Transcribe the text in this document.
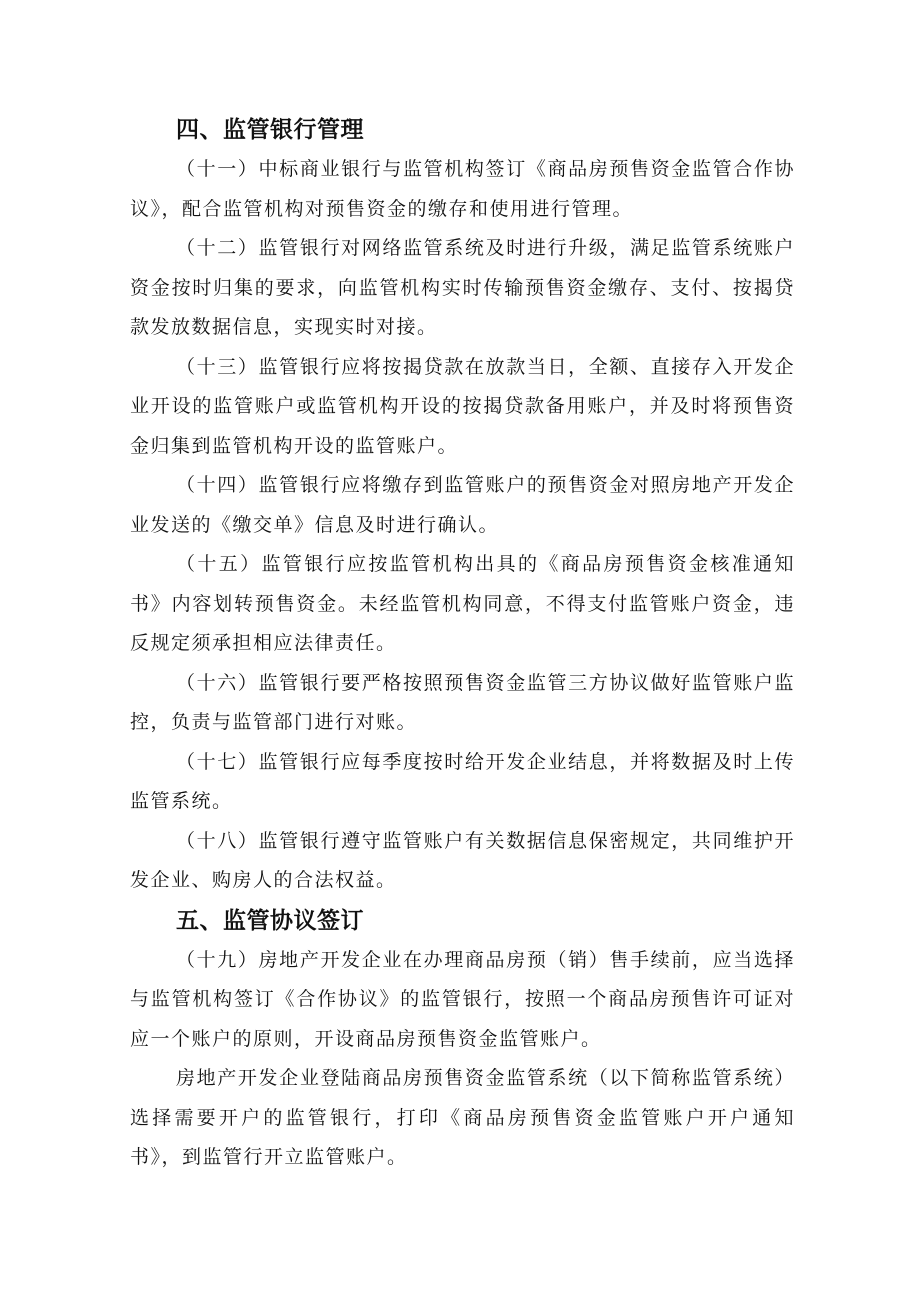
四、监管银行管理

（十一）中标商业银行与监管机构签订《商品房预售资金监管合作协议》，配合监管机构对预售资金的缴存和使用进行管理。

（十二）监管银行对网络监管系统及时进行升级，满足监管系统账户资金按时归集的要求，向监管机构实时传输预售资金缴存、支付、按揭贷款发放数据信息，实现实时对接。

（十三）监管银行应将按揭贷款在放款当日，全额、直接存入开发企业开设的监管账户或监管机构开设的按揭贷款备用账户，并及时将预售资金归集到监管机构开设的监管账户。

（十四）监管银行应将缴存到监管账户的预售资金对照房地产开发企业发送的《缴交单》信息及时进行确认。

（十五）监管银行应按监管机构出具的《商品房预售资金核准通知书》内容划转预售资金。未经监管机构同意，不得支付监管账户资金，违反规定须承担相应法律责任。

（十六）监管银行要严格按照预售资金监管三方协议做好监管账户监控，负责与监管部门进行对账。

（十七）监管银行应每季度按时给开发企业结息，并将数据及时上传监管系统。

（十八）监管银行遵守监管账户有关数据信息保密规定，共同维护开发企业、购房人的合法权益。

五、监管协议签订

（十九）房地产开发企业在办理商品房预（销）售手续前，应当选择与监管机构签订《合作协议》的监管银行，按照一个商品房预售许可证对应一个账户的原则，开设商品房预售资金监管账户。

房地产开发企业登陆商品房预售资金监管系统（以下简称监管系统）选择需要开户的监管银行，打印《商品房预售资金监管账户开户通知书》，到监管行开立监管账户。
